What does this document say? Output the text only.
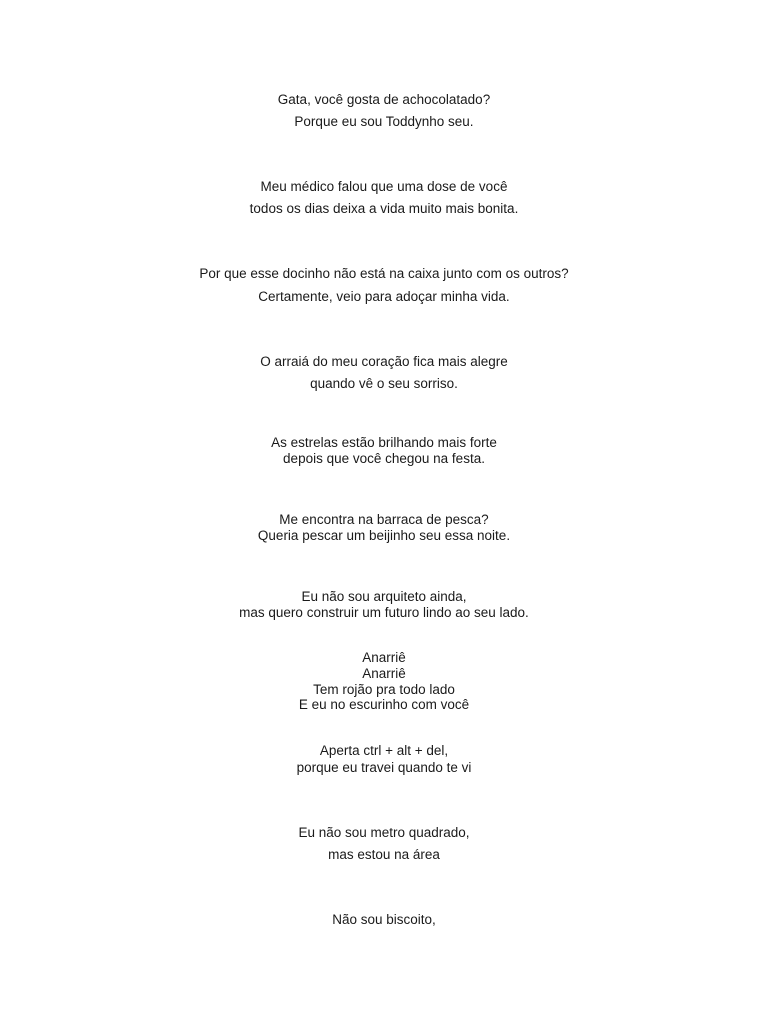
Gata, você gosta de achocolatado?
Porque eu sou Toddynho seu.
Meu médico falou que uma dose de você
todos os dias deixa a vida muito mais bonita.
Por que esse docinho não está na caixa junto com os outros?
Certamente, veio para adoçar minha vida.
O arraiá do meu coração fica mais alegre
quando vê o seu sorriso.
As estrelas estão brilhando mais forte
depois que você chegou na festa.
Me encontra na barraca de pesca?
Queria pescar um beijinho seu essa noite.
Eu não sou arquiteto ainda,
mas quero construir um futuro lindo ao seu lado.
Anarriê
Anarriê
Tem rojão pra todo lado
E eu no escurinho com você
Aperta ctrl + alt + del,
porque eu travei quando te vi
Eu não sou metro quadrado,
mas estou na área
Não sou biscoito,
